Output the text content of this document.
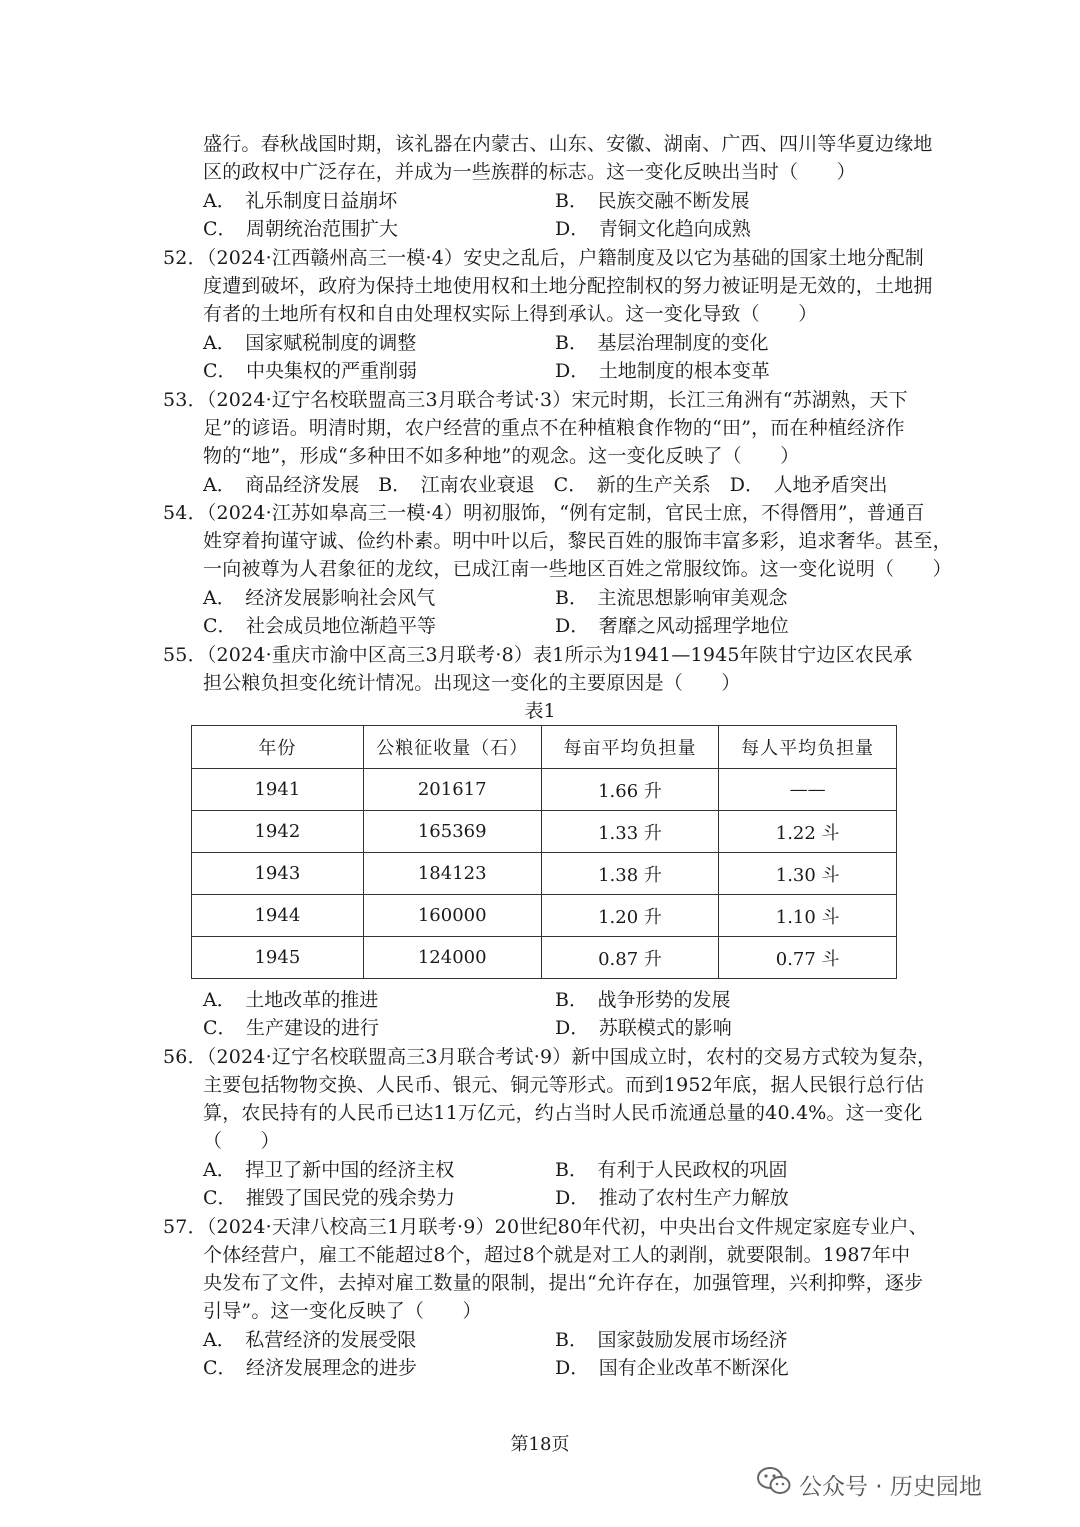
盛行。春秋战国时期，该礼器在内蒙古、山东、安徽、湖南、广西、四川等华夏边缘地
区的政权中广泛存在，并成为一些族群的标志。这一变化反映出当时（　　）
A．　礼乐制度日益崩坏	B．　民族交融不断发展
C．　周朝统治范围扩大	D．　青铜文化趋向成熟
52．（2024·江西赣州高三一模·4）安史之乱后，户籍制度及以它为基础的国家土地分配制
度遭到破坏，政府为保持土地使用权和土地分配控制权的努力被证明是无效的，土地拥
有者的土地所有权和自由处理权实际上得到承认。这一变化导致（　　）
A．　国家赋税制度的调整	B．　基层治理制度的变化
C．　中央集权的严重削弱	D．　土地制度的根本变革
53．（2024·辽宁名校联盟高三3月联合考试·3）宋元时期，长江三角洲有“苏湖熟，天下
足”的谚语。明清时期，农户经营的重点不在种植粮食作物的“田”，而在种植经济作
物的“地”，形成“多种田不如多种地”的观念。这一变化反映了（　　）
A．　商品经济发展　B．　江南农业衰退　C．　新的生产关系　D．　人地矛盾突出
54．（2024·江苏如皋高三一模·4）明初服饰，“例有定制，官民士庶，不得僭用”，普通百
姓穿着拘谨守诚、俭约朴素。明中叶以后，黎民百姓的服饰丰富多彩，追求奢华。甚至，
一向被尊为人君象征的龙纹，已成江南一些地区百姓之常服纹饰。这一变化说明（　　）
A．　经济发展影响社会风气	B．　主流思想影响审美观念
C．　社会成员地位渐趋平等	D．　奢靡之风动摇理学地位
55．（2024·重庆市渝中区高三3月联考·8）表1所示为1941—1945年陕甘宁边区农民承
担公粮负担变化统计情况。出现这一变化的主要原因是（　　）
表1
年份	公粮征收量（石）	每亩平均负担量	每人平均负担量
1941	201617	1.66 升	——
1942	165369	1.33 升	1.22 斗
1943	184123	1.38 升	1.30 斗
1944	160000	1.20 升	1.10 斗
1945	124000	0.87 升	0.77 斗
A．　土地改革的推进	B．　战争形势的发展
C．　生产建设的进行	D．　苏联模式的影响
56．（2024·辽宁名校联盟高三3月联合考试·9）新中国成立时，农村的交易方式较为复杂，
主要包括物物交换、人民币、银元、铜元等形式。而到1952年底，据人民银行总行估
算，农民持有的人民币已达11万亿元，约占当时人民币流通总量的40.4%。这一变化
（　　）
A．　捍卫了新中国的经济主权	B．　有利于人民政权的巩固
C．　摧毁了国民党的残余势力	D．　推动了农村生产力解放
57．（2024·天津八校高三1月联考·9）20世纪80年代初，中央出台文件规定家庭专业户、
个体经营户，雇工不能超过8个，超过8个就是对工人的剥削，就要限制。1987年中
央发布了文件，去掉对雇工数量的限制，提出“允许存在，加强管理，兴利抑弊，逐步
引导”。这一变化反映了（　　）
A．　私营经济的发展受限	B．　国家鼓励发展市场经济
C．　经济发展理念的进步	D．　国有企业改革不断深化
第18页
公众号 · 历史园地
